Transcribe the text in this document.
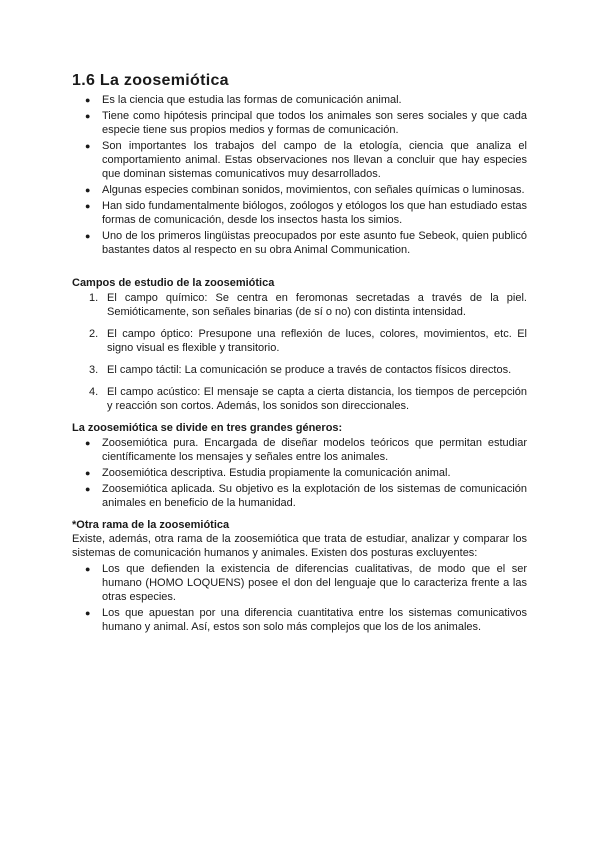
1.6 La zoosemiótica
● Es la ciencia que estudia las formas de comunicación animal.
● Tiene como hipótesis principal que todos los animales son seres sociales y que cada especie tiene sus propios medios y formas de comunicación.
● Son importantes los trabajos del campo de la etología, ciencia que analiza el comportamiento animal. Estas observaciones nos llevan a concluir que hay especies que dominan sistemas comunicativos muy desarrollados.
● Algunas especies combinan sonidos, movimientos, con señales químicas o luminosas.
● Han sido fundamentalmente biólogos, zoólogos y etólogos los que han estudiado estas formas de comunicación, desde los insectos hasta los simios.
● Uno de los primeros lingüistas preocupados por este asunto fue Sebeok, quien publicó bastantes datos al respecto en su obra Animal Communication.
Campos de estudio de la zoosemiótica
1. El campo químico: Se centra en feromonas secretadas a través de la piel. Semióticamente, son señales binarias (de sí o no) con distinta intensidad.
2. El campo óptico: Presupone una reflexión de luces, colores, movimientos, etc. El signo visual es flexible y transitorio.
3. El campo táctil: La comunicación se produce a través de contactos físicos directos.
4. El campo acústico: El mensaje se capta a cierta distancia, los tiempos de percepción y reacción son cortos. Además, los sonidos son direccionales.
La zoosemiótica se divide en tres grandes géneros:
● Zoosemiótica pura. Encargada de diseñar modelos teóricos que permitan estudiar científicamente los mensajes y señales entre los animales.
● Zoosemiótica descriptiva. Estudia propiamente la comunicación animal.
● Zoosemiótica aplicada. Su objetivo es la explotación de los sistemas de comunicación animales en beneficio de la humanidad.
*Otra rama de la zoosemiótica

Existe, además, otra rama de la zoosemiótica que trata de estudiar, analizar y comparar los sistemas de comunicación humanos y animales. Existen dos posturas excluyentes:

● Los que defienden la existencia de diferencias cualitativas, de modo que el ser humano (HOMO LOQUENS) posee el don del lenguaje que lo caracteriza frente a las otras especies.
● Los que apuestan por una diferencia cuantitativa entre los sistemas comunicativos humano y animal. Así, estos son solo más complejos que los de los animales.
